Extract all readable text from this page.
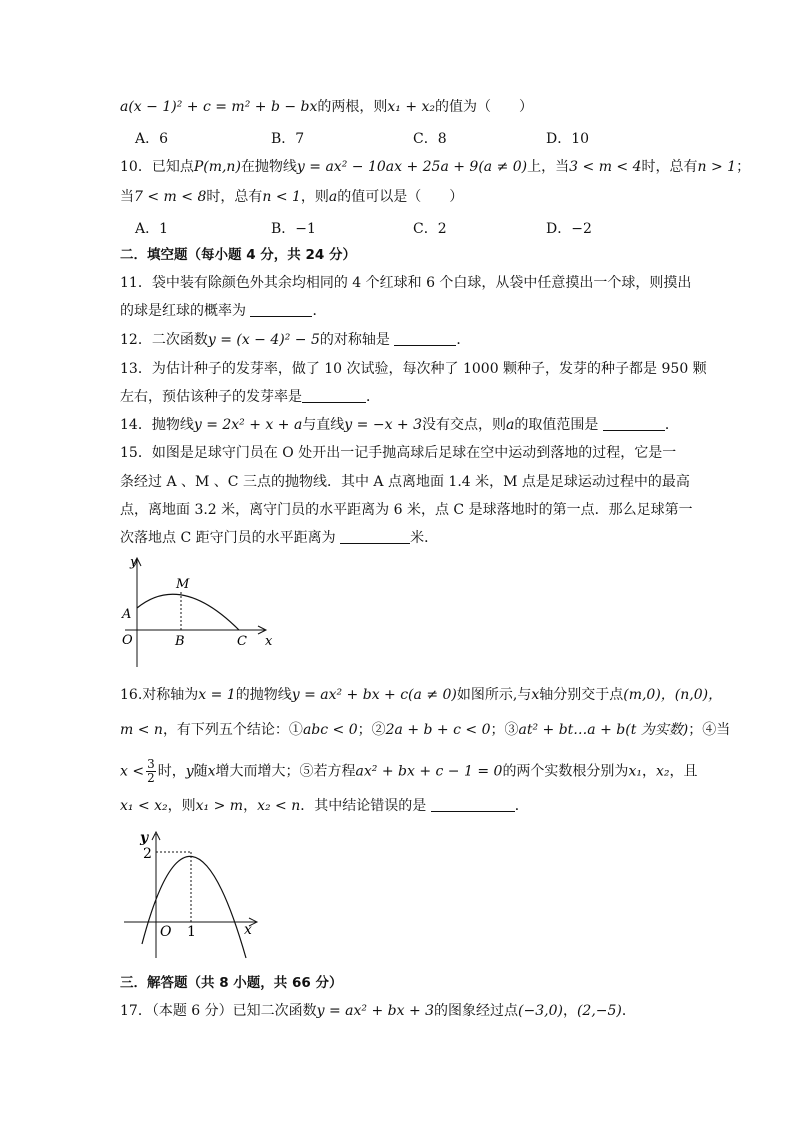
a(x − 1)² + c = m² + b − bx的两根，则x₁ + x₂的值为（　　）
A．6	B．7	C．8	D．10
10．已知点P(m,n)在抛物线y = ax² − 10ax + 25a + 9(a ≠ 0)上，当3 < m < 4时，总有n > 1；
当7 < m < 8时，总有n < 1，则a的值可以是（　　）
A．1	B．−1	C．2	D．−2
二．填空题（每小题 4 分，共 24 分）
11．袋中装有除颜色外其余均相同的 4 个红球和 6 个白球，从袋中任意摸出一个球，则摸出
的球是红球的概率为	．
12．二次函数y = (x − 4)² − 5的对称轴是	．
13．为估计种子的发芽率，做了 10 次试验，每次种了 1000 颗种子，发芽的种子都是 950 颗
左右，预估该种子的发芽率是	．
14．抛物线y = 2x² + x + a与直线y = −x + 3没有交点，则a的取值范围是	．
15．如图是足球守门员在 O 处开出一记手抛高球后足球在空中运动到落地的过程，它是一
条经过 A 、M 、C 三点的抛物线．其中 A 点离地面 1.4 米，M 点是足球运动过程中的最高
点，离地面 3.2 米，离守门员的水平距离为 6 米，点 C 是球落地时的第一点．那么足球第一
次落地点 C 距守门员的水平距离为	米．
y
M
A
O	B	C x
16.对称轴为x = 1的抛物线y = ax² + bx + c(a ≠ 0)如图所示,与x轴分别交于点(m,0)，(n,0)，
m < n，有下列五个结论：①abc < 0；②2a + b + c < 0；③at² + bt…a + b(t 为实数)；④当
$x < \frac{3}{2}$ 时，y随x增大而增大；⑤若方程ax² + bx + c − 1 = 0的两个实数根分别为x₁，x₂，且
x₁ < x₂，则x₁ > m，x₂ < n．其中结论错误的是	．
y
2
O 1	x
三．解答题（共 8 小题，共 66 分）
17．（本题 6 分）已知二次函数y = ax² + bx + 3的图象经过点(−3,0)，(2,−5)．
